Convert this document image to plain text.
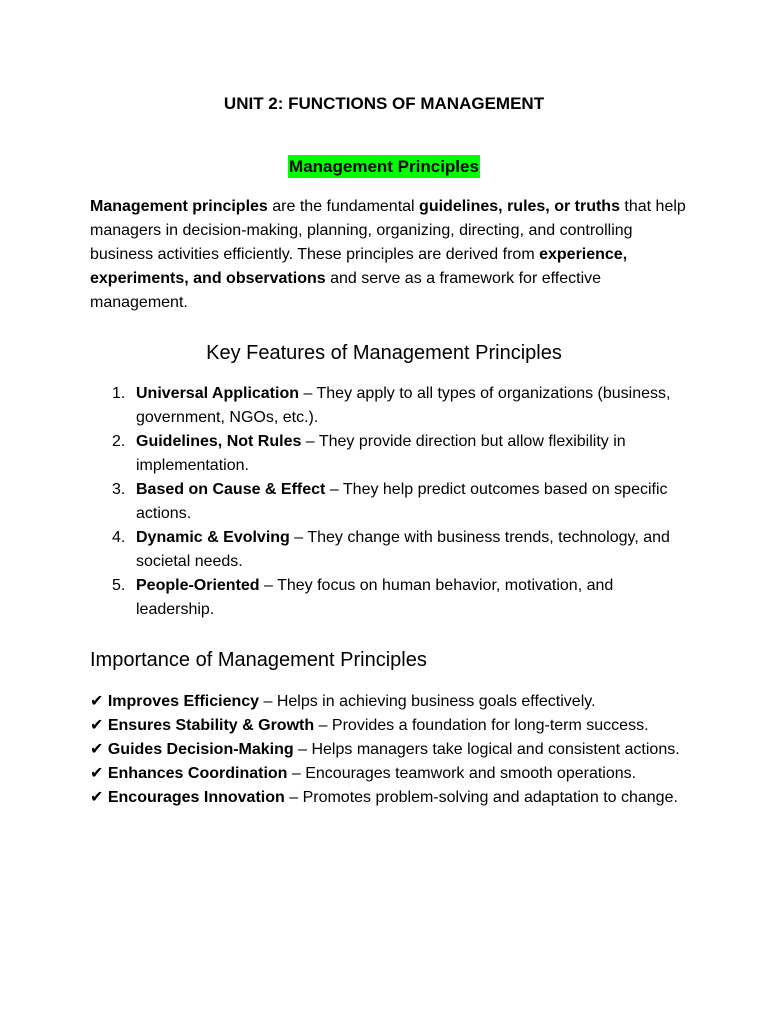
UNIT 2: FUNCTIONS OF MANAGEMENT
Management Principles

Management principles are the fundamental guidelines, rules, or truths that help managers in decision-making, planning, organizing, directing, and controlling business activities efficiently. These principles are derived from experience, experiments, and observations and serve as a framework for effective management.

Key Features of Management Principles
1. Universal Application – They apply to all types of organizations (business, government, NGOs, etc.).
2. Guidelines, Not Rules – They provide direction but allow flexibility in implementation.
3. Based on Cause & Effect – They help predict outcomes based on specific actions.
4. Dynamic & Evolving – They change with business trends, technology, and societal needs.
5. People-Oriented – They focus on human behavior, motivation, and leadership.
Importance of Management Principles
✔ Improves Efficiency – Helps in achieving business goals effectively.
✔ Ensures Stability & Growth – Provides a foundation for long-term success.
✔ Guides Decision-Making – Helps managers take logical and consistent actions.
✔ Enhances Coordination – Encourages teamwork and smooth operations.
✔ Encourages Innovation – Promotes problem-solving and adaptation to change.
